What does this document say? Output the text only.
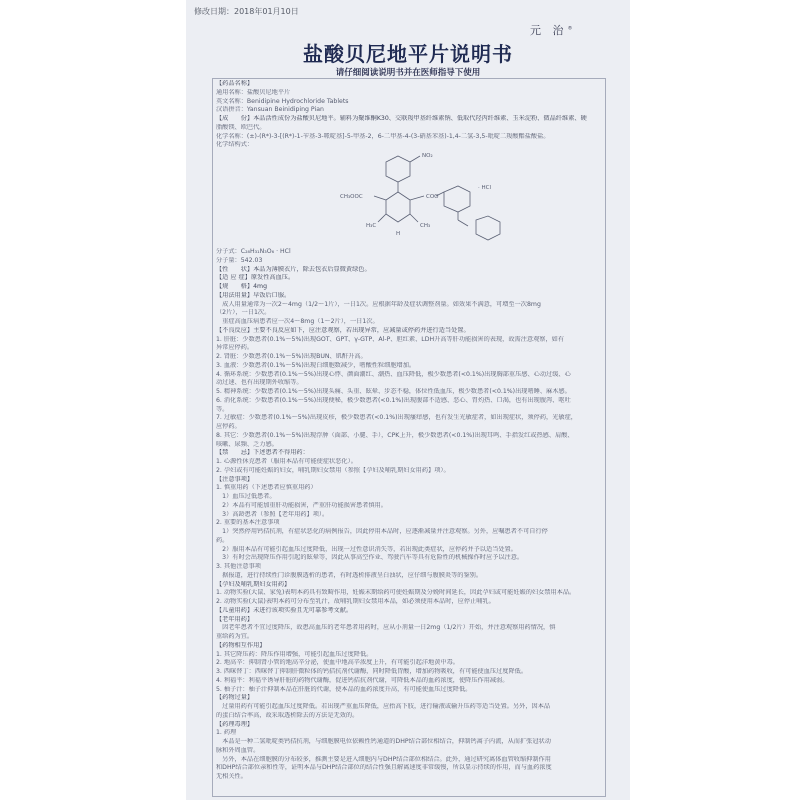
修改日期：2018年01月10日
元 治®
盐酸贝尼地平片说明书
请仔细阅读说明书并在医师指导下使用
【药品名称】
通用名称：盐酸贝尼地平片
英文名称：Benidipine Hydrochloride Tablets
汉语拼音：Yansuan Beinidiping Pian
【成　　份】本品活性成份为盐酸贝尼地平。辅料为聚维酮K30、交联羧甲基纤维素钠、低取代羟丙纤维素、玉米淀粉、微晶纤维素、硬
脂酸镁、欧巴代。
化学名称：(±)-(R*)-3-[(R*)-1-苄基-3-哌啶基]-5-甲基-2，6-二甲基-4-(3-硝基苯基)-1,4-二氢-3,5-吡啶二羧酸酯盐酸盐。
化学结构式：
NO₂
CH₃OOC	COO
· HCl
H₃C	CH₃
H
分子式：C₂₈H₃₁N₃O₆ · HCl
分子量：542.03
【性　　状】本品为薄膜衣片，除去包衣后显微黄绿色。
【适 应 症】原发性高血压。
【规　　格】4mg
【用法用量】早饭后口服。
　成人用量通常为一次2～4mg（1/2～1片），一日1次。应根据年龄及症状调整剂量。如效果不满意，可增至一次8mg
（2片），一日1次。
　重症高血压病患者应一次4～8mg（1～2片），一日1次。
【不良反应】主要不良反应如下，应注意观察，若出现异常，应减量或停药并进行适当处置。
1. 肝脏：少数患者(0.1%～5%)出现GOT、GPT、γ-GTP、Al-P、胆红素、LDH升高等肝功能损害的表现，故需注意观察，如有
异常应停药。
2. 肾脏：少数患者(0.1%～5%)出现BUN、肌酐升高。
3. 血液：少数患者(0.1%～5%)出现白细胞数减少，嗜酸性粒细胞增加。
4. 循环系统：少数患者(0.1%～5%)出现心悸、颜面潮红、潮热、血压降低，极少数患者(<0.1%)出现胸部重压感、心动过缓、心
动过速、也有出现期外收缩等。
5. 精神系统：少数患者(0.1%～5%)出现头痛、头重、眩晕、步态不稳，体位性低血压，极少数患者(<0.1%)出现嗜睡、麻木感。
6. 消化系统：少数患者(0.1%～5%)出现便秘，极少数患者(<0.1%)出现腹部不适感、恶心、胃灼热、口渴，也有出现腹泻、呕吐
等。
7. 过敏症：少数患者(0.1%～5%)出现皮疹，极少数患者(<0.1%)出现瘙痒感，也有发生光敏症者，如出现症状，须停药，光敏症，
应停药。
8. 其它：少数患者(0.1%～5%)出现浮肿（面部、小腿、手），CPK上升，极少数患者(<0.1%)出现耳鸣、手指发红或热感、肩酸、
咳嗽、尿频、乏力感。
【禁　　忌】下述患者不得用药：
1. 心源性休克患者（服用本品有可能使症状恶化）。
2. 孕妇或有可能妊娠的妇女，哺乳期妇女禁用（参照【孕妇及哺乳期妇女用药】项）。
【注意事项】
1. 慎重用药（下述患者应慎重用药）
　1）血压过低患者。
　2）本品有可能加重肝功能损害，严重肝功能损害患者慎用。
　3）高龄患者（参照【老年用药】项）。
2. 重要的基本注意事项
　1）突然停用钙拮抗剂，有症状恶化的病例报告，因此停用本品时，应逐渐减量并注意观察。另外，应嘱患者不可自行停
药。
　2）服用本品有可能引起血压过度降低，出现一过性意识消失等，若出现此类症状，应停药并予以适当处置。
　3）有时会出现降压作用引起的眩晕等，因此从事高空作业、驾驶汽车等具有危险性的机械操作时应予以注意。
3. 其他注意事项
　据报道，进行持续性门诊腹膜透析的患者，有时透析排液呈白浊状，应仔细与腹膜炎等的鉴别。
【孕妇及哺乳期妇女用药】
1. 动物实验(大鼠、家兔)表明本药具有致畸作用，妊娠末期给药可使妊娠期及分娩时间延长，因此孕妇或可能妊娠的妇女禁用本品。
2. 动物实验(大鼠)表明本药可分布至乳汁，故哺乳期妇女禁用本品，如必须使用本品时，应停止哺乳。
【儿童用药】未进行该项实验且无可靠参考文献。
【老年用药】
　因老年患者不宜过度降压，故患高血压的老年患者用药时，应从小剂量一日2mg（1/2片）开始，并注意观察用药情况，慎
重给药为宜。
【药物相互作用】
1. 其它降压药：降压作用增强，可能引起血压过度降低。
2. 地高辛：抑制肾小管的地高辛分泌，使血中地高辛浓度上升，有可能引起洋地黄中毒。
3. 西咪替丁：西咪替丁抑制肝微粒体的钙拮抗剂代谢酶，同时降低胃酸，增加药物吸收，有可能使血压过度降低。
4. 利福平：利福平诱导肝脏的药物代谢酶，促进钙拮抗剂代谢，可降低本品的血药浓度，使降压作用减弱。
5. 柚子汁：柚子汁抑制本品在肝脏的代谢，使本品的血药浓度升高，有可能使血压过度降低。
【药物过量】
　过量用药有可能引起血压过度降低。若出现严重血压降低，应抬高下肢，进行输液或输升压药等适当处置。另外，因本品
的蛋白结合率高，故采取透析除去的方法是无效的。
【药理毒理】
1. 药理
　本品是一种二氢吡啶类钙拮抗剂，与细胞膜电位依赖性钙通道的DHP结合部位相结合，抑制钙离子内流，从而扩张冠状动
脉和外周血管。
　另外，本品在细胞膜的分布较多，推测主要是进入细胞内与DHP结合部位相结合。此外，通过研究离体血管收缩抑制作用
和DHP结合部位亲和性等，证明本品与DHP结合部位的结合性强且解离速度非常缓慢，所以显示持续的作用，而与血药浓度
无相关性。
